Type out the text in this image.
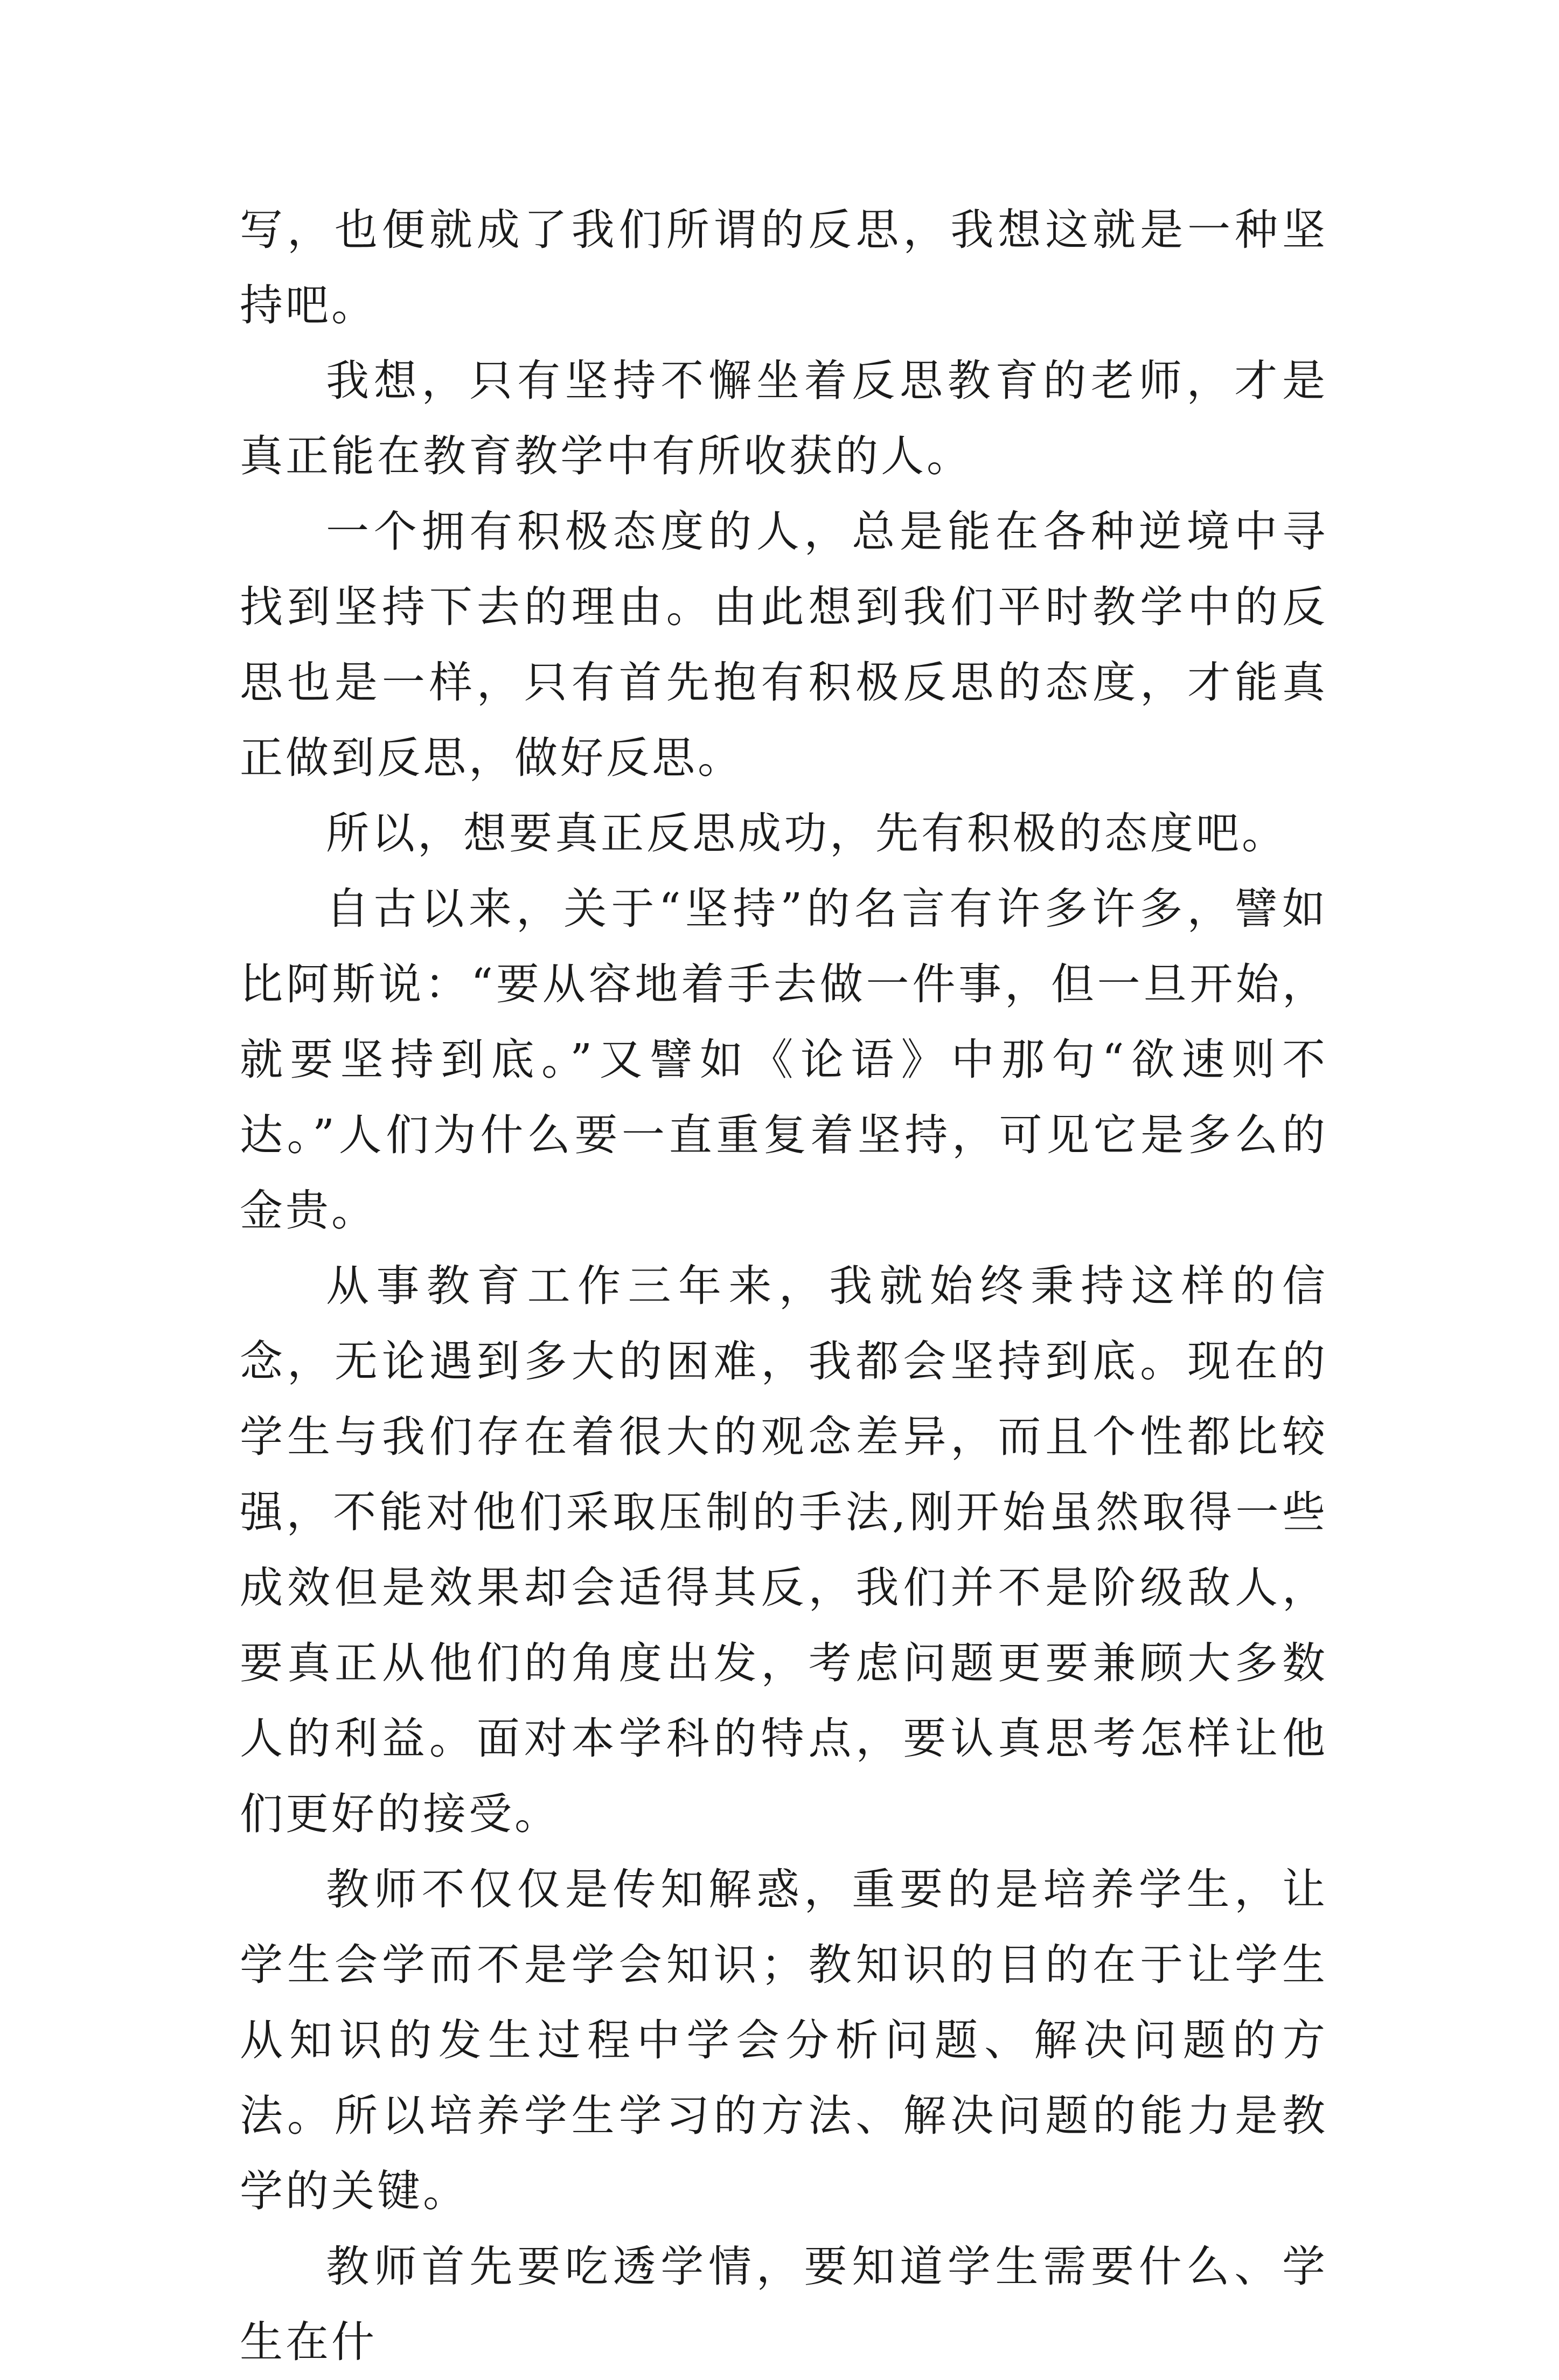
写，也便就成了我们所谓的反思，我想这就是一种坚持吧。

我想，只有坚持不懈坐着反思教育的老师，才是真正能在教育教学中有所收获的人。

一个拥有积极态度的人，总是能在各种逆境中寻找到坚持下去的理由。由此想到我们平时教学中的反思也是一样，只有首先抱有积极反思的态度，才能真正做到反思，做好反思。

所以，想要真正反思成功，先有积极的态度吧。

自古以来，关于“坚持”的名言有许多许多，譬如比阿斯说：“要从容地着手去做一件事，但一旦开始，就要坚持到底。”又譬如《论语》中那句“欲速则不达。”人们为什么要一直重复着坚持，可见它是多么的金贵。

从事教育工作三年来，我就始终秉持这样的信念，无论遇到多大的困难，我都会坚持到底。现在的学生与我们存在着很大的观念差异，而且个性都比较强，不能对他们采取压制的手法,刚开始虽然取得一些成效但是效果却会适得其反，我们并不是阶级敌人，要真正从他们的角度出发，考虑问题更要兼顾大多数人的利益。面对本学科的特点，要认真思考怎样让他们更好的接受。

教师不仅仅是传知解惑，重要的是培养学生，让学生会学而不是学会知识；教知识的目的在于让学生从知识的发生过程中学会分析问题、解决问题的方法。所以培养学生学习的方法、解决问题的能力是教学的关键。

教师首先要吃透学情，要知道学生需要什么、学生在什
